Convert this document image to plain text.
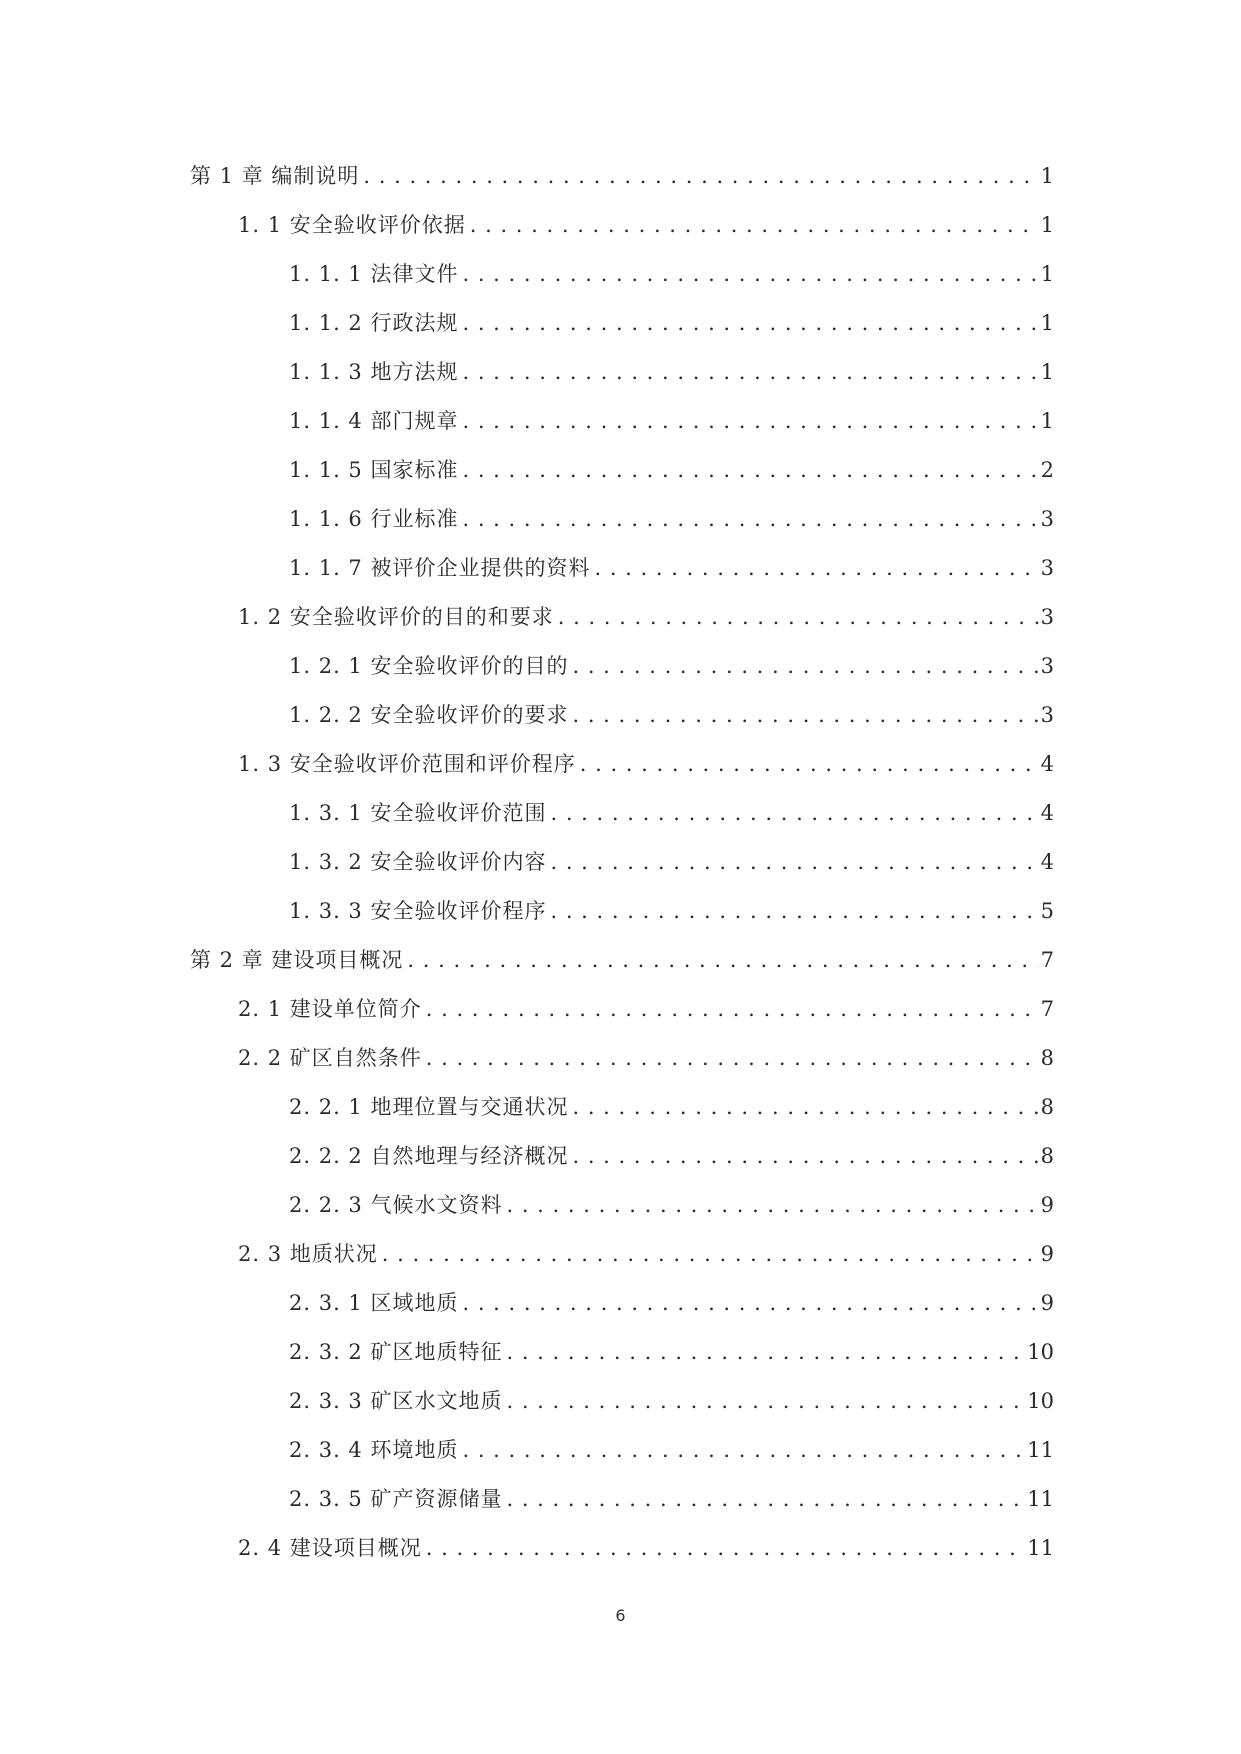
第 1 章 编制说明 . . .	1
1. 1 安全验收评价依据 . . .	1
1. 1. 1 法律文件 . . .	1
1. 1. 2 行政法规 . . .	1
1. 1. 3 地方法规 . . .	1
1. 1. 4 部门规章 . . .	1
1. 1. 5 国家标准 . . .	2
1. 1. 6 行业标准 . . .	3
1. 1. 7 被评价企业提供的资料 . . .	3
1. 2 安全验收评价的目的和要求 . . .	3
1. 2. 1 安全验收评价的目的 . . .	3
1. 2. 2 安全验收评价的要求 . . .	3
1. 3 安全验收评价范围和评价程序 . . .	4
1. 3. 1 安全验收评价范围 . . .	4
1. 3. 2 安全验收评价内容 . . .	4
1. 3. 3 安全验收评价程序 . . .	5
第 2 章 建设项目概况 . . .	7
2. 1 建设单位简介 . . .	7
2. 2 矿区自然条件 . . .	8
2. 2. 1 地理位置与交通状况 . . .	8
2. 2. 2 自然地理与经济概况 . . .	8
2. 2. 3 气候水文资料 . . .	9
2. 3 地质状况 . . .	9
2. 3. 1 区域地质 . . .	9
2. 3. 2 矿区地质特征 . . .	10
2. 3. 3 矿区水文地质 . . .	10
2. 3. 4 环境地质 . . .	11
2. 3. 5 矿产资源储量 . . .	11
2. 4 建设项目概况 . . .	11
6
